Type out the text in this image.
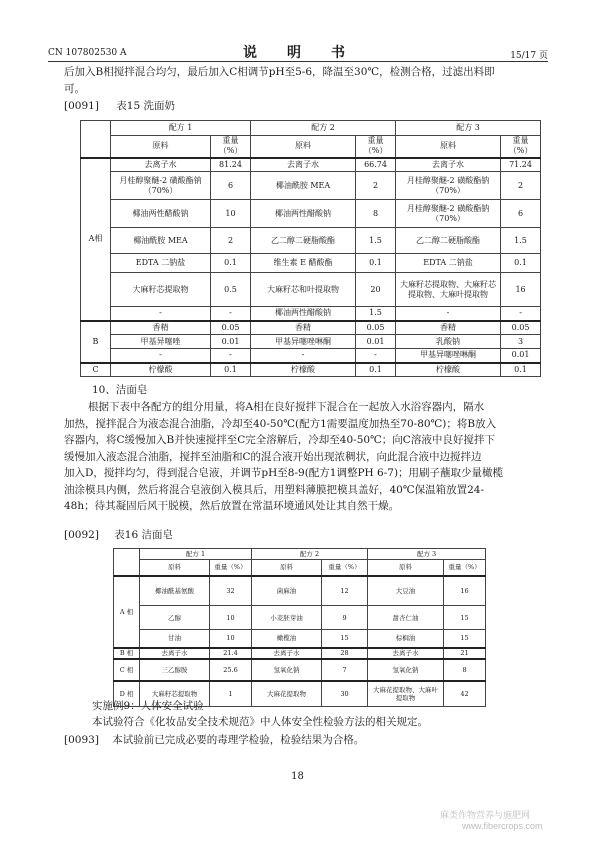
CN 107802530 A	说　明　书	15/17 页
后加入B相搅拌混合均匀，最后加入C相调节pH至5-6，降温至30℃，检测合格，过滤出料即
可。
[0091] 表15 洗面奶
	配方 1		配方 2		配方 3	
	原料	重量（%）	原料	重量（%）	原料	重量（%）
A相	去离子水	81.24	去离子水	66.74	去离子水	71.24
	月桂醇聚醚-2 磺酸酯钠（70%）	6	椰油酰胺 MEA	2	月桂醇聚醚-2 磺酸酯钠（70%）	2
	椰油两性醋酸钠	10	椰油两性醋酸钠	8	月桂醇聚醚-2 磺酸酯钠（70%）	6
	椰油酰胺 MEA	2	乙二醇二硬脂酸酯	1.5	乙二醇二硬脂酸酯	1.5
	EDTA 二钠盐	0.1	维生素 E 醋酸酯	0.1	EDTA 二钠盐	0.1
	大麻籽芯提取物	0.5	大麻籽芯和叶提取物	20	大麻籽芯提取物、大麻籽芯提取物、大麻叶提取物	16
	-	-	椰油两性醋酸钠	1.5	-	-
B	香精	0.05	香精	0.05	香精	0.05
	甲基异噻唑	0.01	甲基异噻唑啉酮	0.01	乳酸钠	3
	-	-	-	-	甲基异噻唑啉酮	0.01
C	柠檬酸	0.1	柠檬酸	0.1	柠檬酸	0.1
10、洁面皂
根据下表中各配方的组分用量，将A相在良好搅拌下混合在一起放入水浴容器内，隔水
加热，搅拌混合为液态混合油脂，冷却至40-50℃(配方1需要温度加热至70-80℃)；将B放入
容器内，将C缓慢加入B并快速搅拌至C完全溶解后，冷却至40-50℃；向C溶液中良好搅拌下
缓慢加入液态混合油脂，搅拌至油脂和C的混合液开始出现浓稠状，向此混合液中边搅拌边
加入D，搅拌均匀，得到混合皂液，并调节pH至8-9(配方1调整PH 6-7)；用刷子蘸取少量橄榄
油涂模具内侧，然后将混合皂液倒入模具后，用塑料薄膜把模具盖好，40℃保温箱放置24-
48h；待其凝固后风干脱模，然后放置在常温环境通风处让其自然干燥。
[0092] 表16 洁面皂
	配方 1		配方 2		配方 3	
	原料	重量（%）	原料	重量（%）	原料	重量（%）
A 相	椰油酰基氨酸	32	菌麻油	12	大豆油	16
	乙醇	10	小麦胚芽油	9	甜杏仁油	15
	甘油	10	橄榄油	15	棕榈油	15
B 相	去离子水	21.4	去离子水	28	去离子水	21
C 相	三乙醇胺	25.6	氢氧化钠	7	氢氧化钠	8
D 相	大麻籽芯提取物	1	大麻花提取物	30	大麻花提取物、大麻叶提取物	42
实施例9：人体安全试验
本试验符合《化妆品安全技术规范》中人体安全性检验方法的相关规定。
[0093] 本试验前已完成必要的毒理学检验，检验结果为合格。
18
麻类作物营养与施肥网
www.fibercrops.com
